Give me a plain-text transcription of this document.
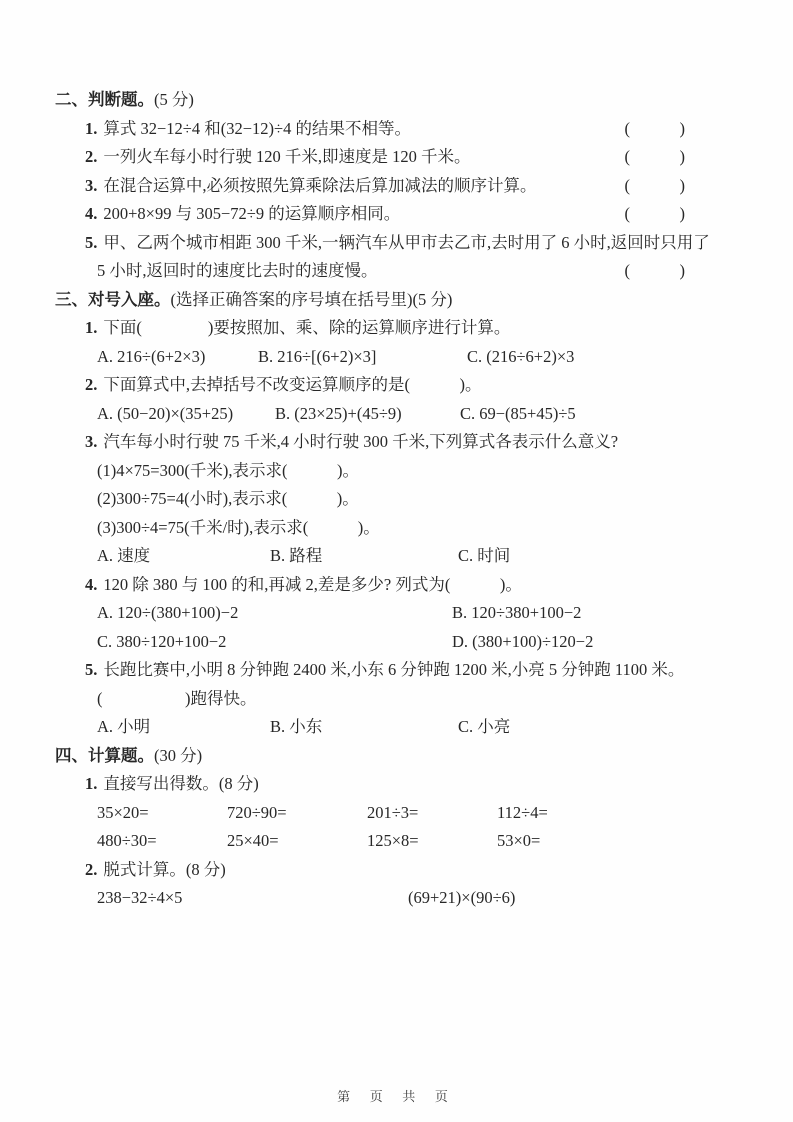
二、判断题。(5 分)
1. 算式 32−12÷4 和(32−12)÷4 的结果不相等。	(　　　)
2. 一列火车每小时行驶 120 千米,即速度是 120 千米。	(　　　)
3. 在混合运算中,必须按照先算乘除法后算加减法的顺序计算。	(　　　)
4. 200+8×99 与 305−72÷9 的运算顺序相同。	(　　　)
5. 甲、乙两个城市相距 300 千米,一辆汽车从甲市去乙市,去时用了 6 小时,返回时只用了
5 小时,返回时的速度比去时的速度慢。	(　　　)
三、对号入座。(选择正确答案的序号填在括号里)(5 分)
1. 下面(　　　　)要按照加、乘、除的运算顺序进行计算。
A. 216÷(6+2×3)	B. 216÷[(6+2)×3]	C. (216÷6+2)×3
2. 下面算式中,去掉括号不改变运算顺序的是(　　　)。
A. (50−20)×(35+25)	B. (23×25)+(45÷9)	C. 69−(85+45)÷5
3. 汽车每小时行驶 75 千米,4 小时行驶 300 千米,下列算式各表示什么意义?
(1)4×75=300(千米),表示求(　　　)。
(2)300÷75=4(小时),表示求(　　　)。
(3)300÷4=75(千米/时),表示求(　　　)。
A. 速度	B. 路程	C. 时间
4. 120 除 380 与 100 的和,再减 2,差是多少? 列式为(　　　)。
A. 120÷(380+100)−2	B. 120÷380+100−2
C. 380÷120+100−2	D. (380+100)÷120−2
5. 长跑比赛中,小明 8 分钟跑 2400 米,小东 6 分钟跑 1200 米,小亮 5 分钟跑 1100 米。
(　　　　　)跑得快。
A. 小明	B. 小东	C. 小亮
四、计算题。(30 分)
1. 直接写出得数。(8 分)
35×20=	720÷90=	201÷3=	112÷4=
480÷30=	25×40=	125×8=	53×0=
2. 脱式计算。(8 分)
238−32÷4×5	(69+21)×(90÷6)
第 页 共 页
